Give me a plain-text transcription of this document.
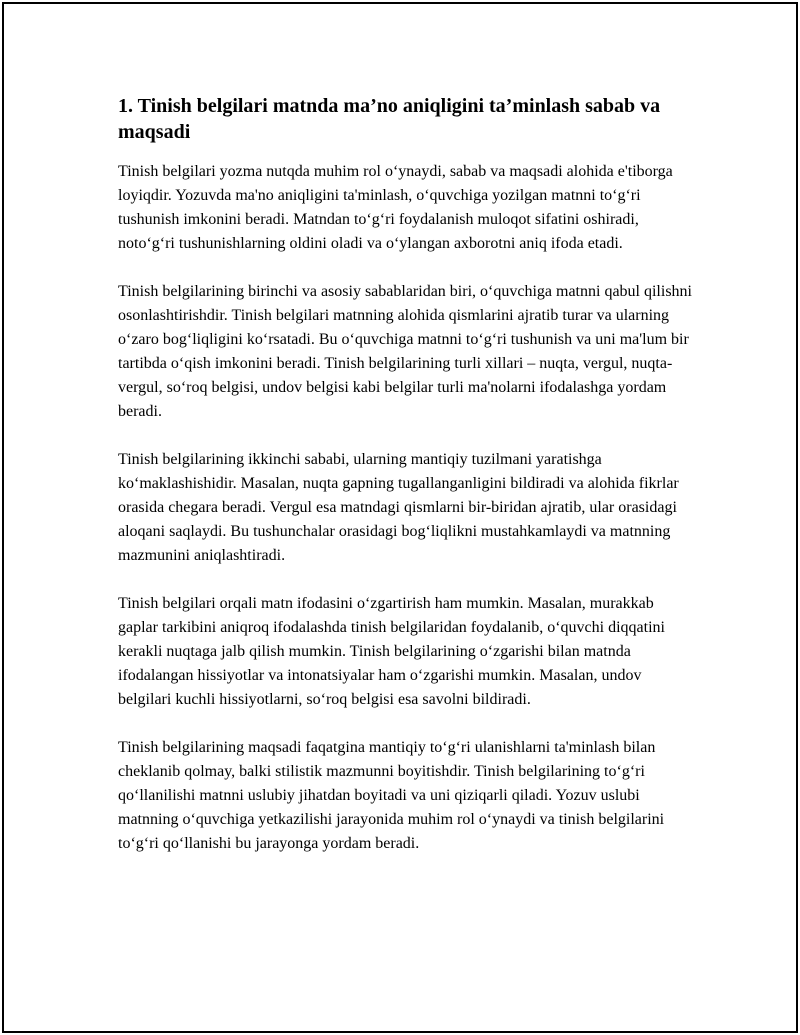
1. Tinish belgilari matnda ma’no aniqligini ta’minlash sabab va maqsadi

Tinish belgilari yozma nutqda muhim rol o‘ynaydi, sabab va maqsadi alohida e'tiborga loyiqdir. Yozuvda ma'no aniqligini ta'minlash, o‘quvchiga yozilgan matnni to‘g‘ri tushunish imkonini beradi. Matndan to‘g‘ri foydalanish muloqot sifatini oshiradi, noto‘g‘ri tushunishlarning oldini oladi va o‘ylangan axborotni aniq ifoda etadi.

Tinish belgilarining birinchi va asosiy sabablaridan biri, o‘quvchiga matnni qabul qilishni osonlashtirishdir. Tinish belgilari matnning alohida qismlarini ajratib turar va ularning o‘zaro bog‘liqligini ko‘rsatadi. Bu o‘quvchiga matnni to‘g‘ri tushunish va uni ma'lum bir tartibda o‘qish imkonini beradi. Tinish belgilarining turli xillari – nuqta, vergul, nuqta-vergul, so‘roq belgisi, undov belgisi kabi belgilar turli ma'nolarni ifodalashga yordam beradi.

Tinish belgilarining ikkinchi sababi, ularning mantiqiy tuzilmani yaratishga ko‘maklashishidir. Masalan, nuqta gapning tugallanganligini bildiradi va alohida fikrlar orasida chegara beradi. Vergul esa matndagi qismlarni bir-biridan ajratib, ular orasidagi aloqani saqlaydi. Bu tushunchalar orasidagi bog‘liqlikni mustahkamlaydi va matnning mazmunini aniqlashtiradi.

Tinish belgilari orqali matn ifodasini o‘zgartirish ham mumkin. Masalan, murakkab gaplar tarkibini aniqroq ifodalashda tinish belgilaridan foydalanib, o‘quvchi diqqatini kerakli nuqtaga jalb qilish mumkin. Tinish belgilarining o‘zgarishi bilan matnda ifodalangan hissiyotlar va intonatsiyalar ham o‘zgarishi mumkin. Masalan, undov belgilari kuchli hissiyotlarni, so‘roq belgisi esa savolni bildiradi.

Tinish belgilarining maqsadi faqatgina mantiqiy to‘g‘ri ulanishlarni ta'minlash bilan cheklanib qolmay, balki stilistik mazmunni boyitishdir. Tinish belgilarining to‘g‘ri qo‘llanilishi matnni uslubiy jihatdan boyitadi va uni qiziqarli qiladi. Yozuv uslubi matnning o‘quvchiga yetkazilishi jarayonida muhim rol o‘ynaydi va tinish belgilarini to‘g‘ri qo‘llanishi bu jarayonga yordam beradi.
